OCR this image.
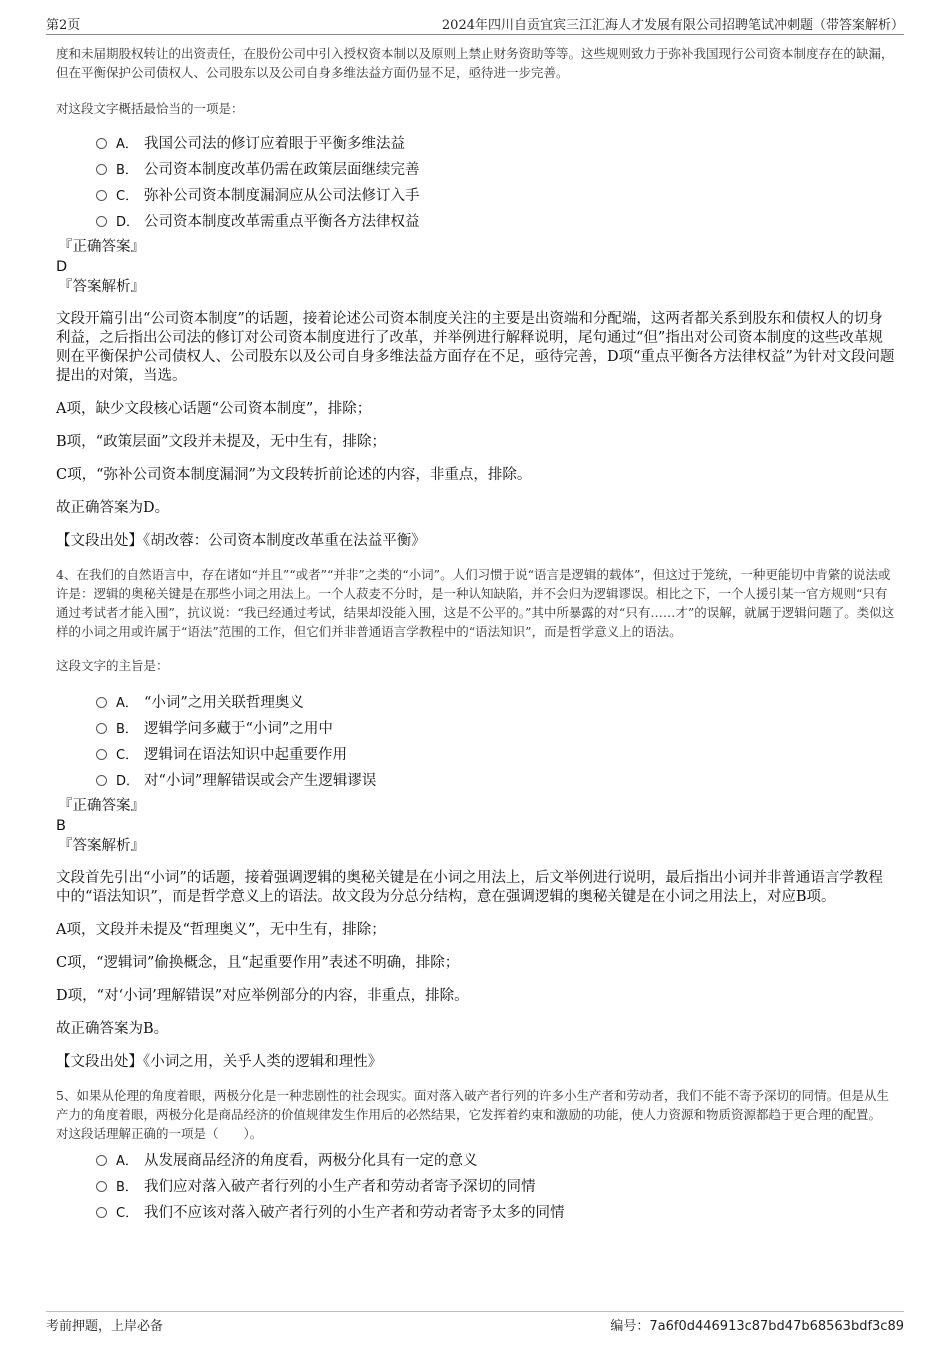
第2页	2024年四川自贡宜宾三江汇海人才发展有限公司招聘笔试冲刺题（带答案解析）

度和未届期股权转让的出资责任，在股份公司中引入授权资本制以及原则上禁止财务资助等等。这些规则致力于弥补我国现行公司资本制度存在的缺漏，但在平衡保护公司债权人、公司股东以及公司自身多维法益方面仍显不足，亟待进一步完善。

对这段文字概括最恰当的一项是：

A． 我国公司法的修订应着眼于平衡多维法益
B． 公司资本制度改革仍需在政策层面继续完善
C． 弥补公司资本制度漏洞应从公司法修订入手
D． 公司资本制度改革需重点平衡各方法律权益

『正确答案』

D

『答案解析』

文段开篇引出“公司资本制度”的话题，接着论述公司资本制度关注的主要是出资端和分配端，这两者都关系到股东和债权人的切身利益，之后指出公司法的修订对公司资本制度进行了改革，并举例进行解释说明，尾句通过“但”指出对公司资本制度的这些改革规则在平衡保护公司债权人、公司股东以及公司自身多维法益方面存在不足，亟待完善，D项“重点平衡各方法律权益”为针对文段问题提出的对策，当选。

A项，缺少文段核心话题“公司资本制度”，排除；

B项，“政策层面”文段并未提及，无中生有，排除；

C项，“弥补公司资本制度漏洞”为文段转折前论述的内容，非重点，排除。

故正确答案为D。

【文段出处】《胡改蓉：公司资本制度改革重在法益平衡》

4、在我们的自然语言中，存在诸如“并且”“或者”“并非”之类的“小词”。人们习惯于说“语言是逻辑的载体”，但这过于笼统，一种更能切中肯綮的说法或许是：逻辑的奥秘关键是在那些小词之用法上。一个人菽麦不分时，是一种认知缺陷，并不会归为逻辑谬误。相比之下，一个人援引某一官方规则“只有通过考试者才能入围”，抗议说：“我已经通过考试，结果却没能入围，这是不公平的。”其中所暴露的对“只有……才”的误解，就属于逻辑问题了。类似这样的小词之用或许属于“语法”范围的工作，但它们并非普通语言学教程中的“语法知识”，而是哲学意义上的语法。

这段文字的主旨是：

A． “小词”之用关联哲理奥义
B． 逻辑学问多藏于“小词”之用中
C． 逻辑词在语法知识中起重要作用
D． 对“小词”理解错误或会产生逻辑谬误

『正确答案』

B

『答案解析』

文段首先引出“小词”的话题，接着强调逻辑的奥秘关键是在小词之用法上，后文举例进行说明，最后指出小词并非普通语言学教程中的“语法知识”，而是哲学意义上的语法。故文段为分总分结构，意在强调逻辑的奥秘关键是在小词之用法上，对应B项。

A项，文段并未提及“哲理奥义”，无中生有，排除；

C项，“逻辑词”偷换概念，且“起重要作用”表述不明确，排除；

D项，“对‘小词’理解错误”对应举例部分的内容，非重点，排除。

故正确答案为B。

【文段出处】《小词之用，关乎人类的逻辑和理性》

5、如果从伦理的角度着眼，两极分化是一种悲剧性的社会现实。面对落入破产者行列的许多小生产者和劳动者，我们不能不寄予深切的同情。但是从生产力的角度着眼，两极分化是商品经济的价值规律发生作用后的必然结果，它发挥着约束和激励的功能，使人力资源和物质资源都趋于更合理的配置。

对这段话理解正确的一项是（　　）。

A． 从发展商品经济的角度看，两极分化具有一定的意义
B． 我们应对落入破产者行列的小生产者和劳动者寄予深切的同情
C． 我们不应该对落入破产者行列的小生产者和劳动者寄予太多的同情
考前押题，上岸必备	编号：7a6f0d446913c87bd47b68563bdf3c89
